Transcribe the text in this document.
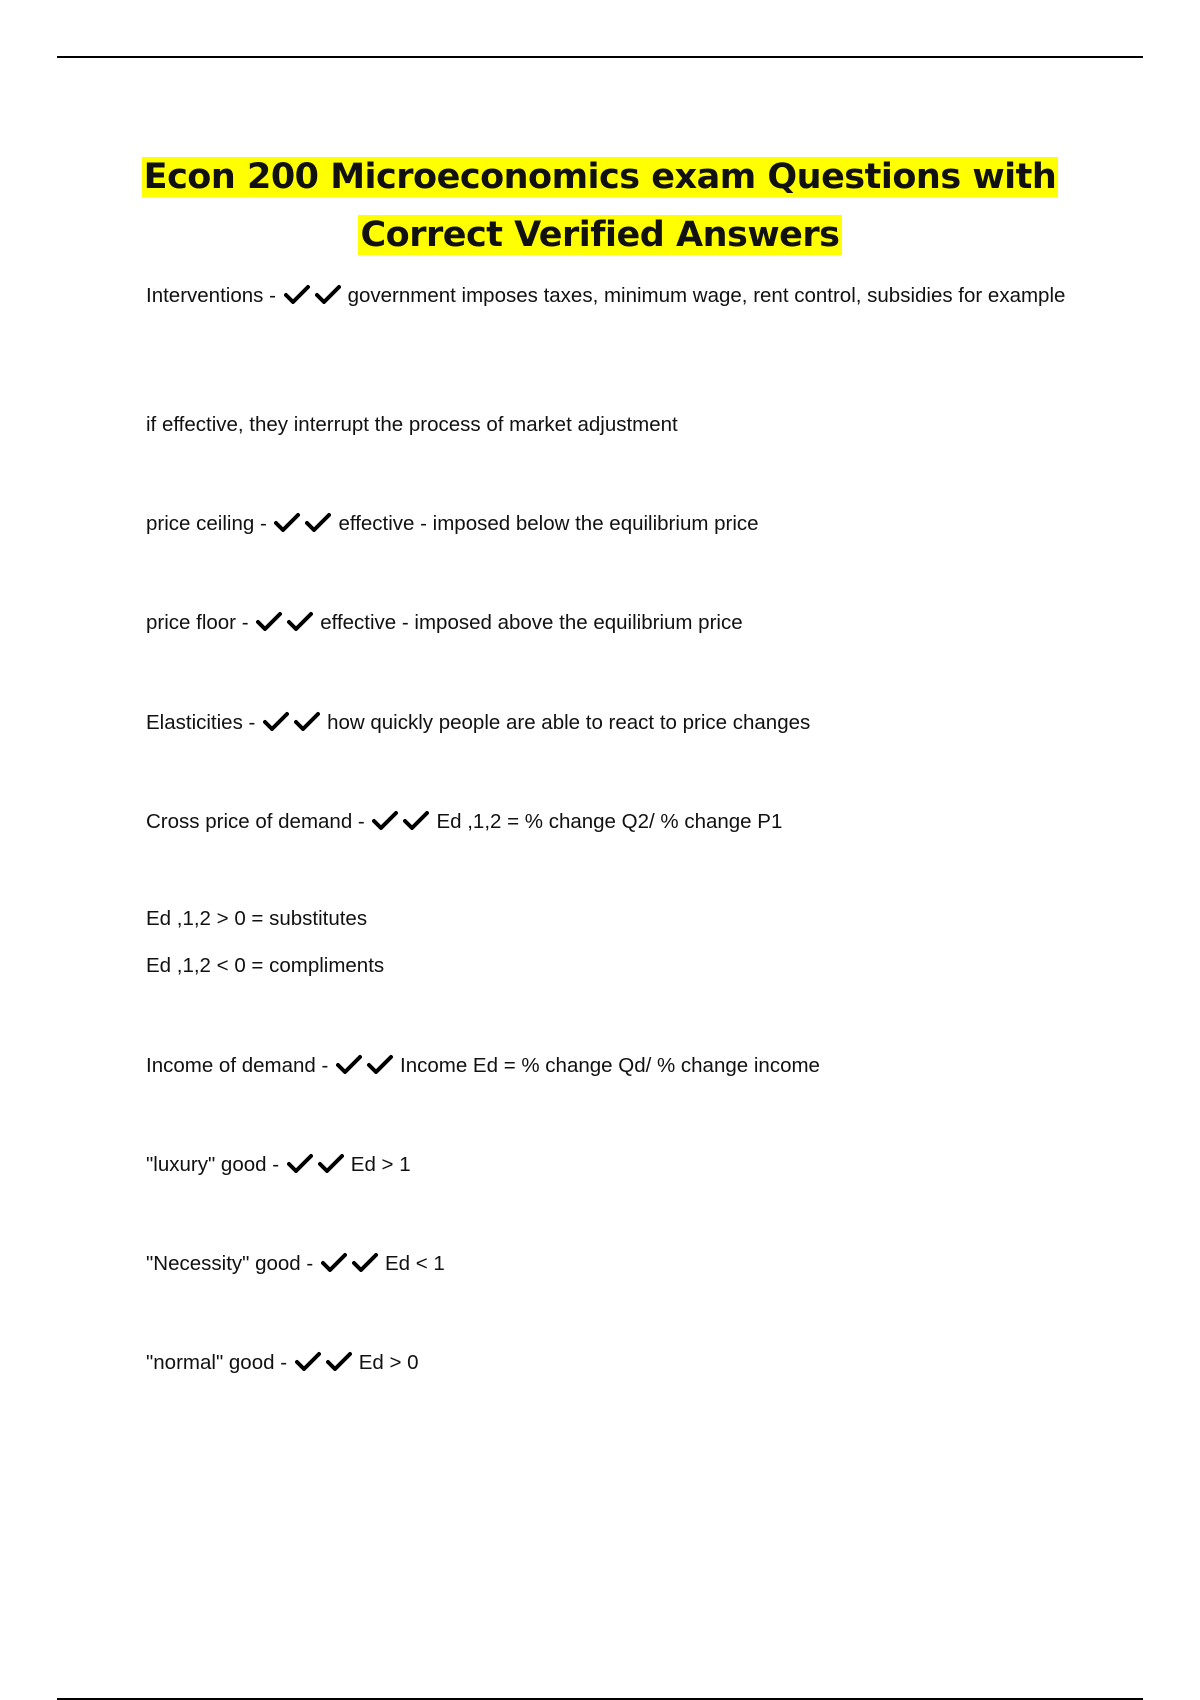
Econ 200 Microeconomics exam Questions with
Correct Verified Answers
Interventions -	government imposes taxes, minimum wage, rent control, subsidies for example
if effective, they interrupt the process of market adjustment
price ceiling -	effective - imposed below the equilibrium price
price floor -	effective - imposed above the equilibrium price
Elasticities -	how quickly people are able to react to price changes
Cross price of demand -	Ed ,1,2 = % change Q2/ % change P1
Ed ,1,2 > 0 = substitutes
Ed ,1,2 < 0 = compliments
Income of demand -	Income Ed = % change Qd/ % change income
"luxury" good -	Ed > 1
"Necessity" good -	Ed < 1
"normal" good -	Ed > 0
